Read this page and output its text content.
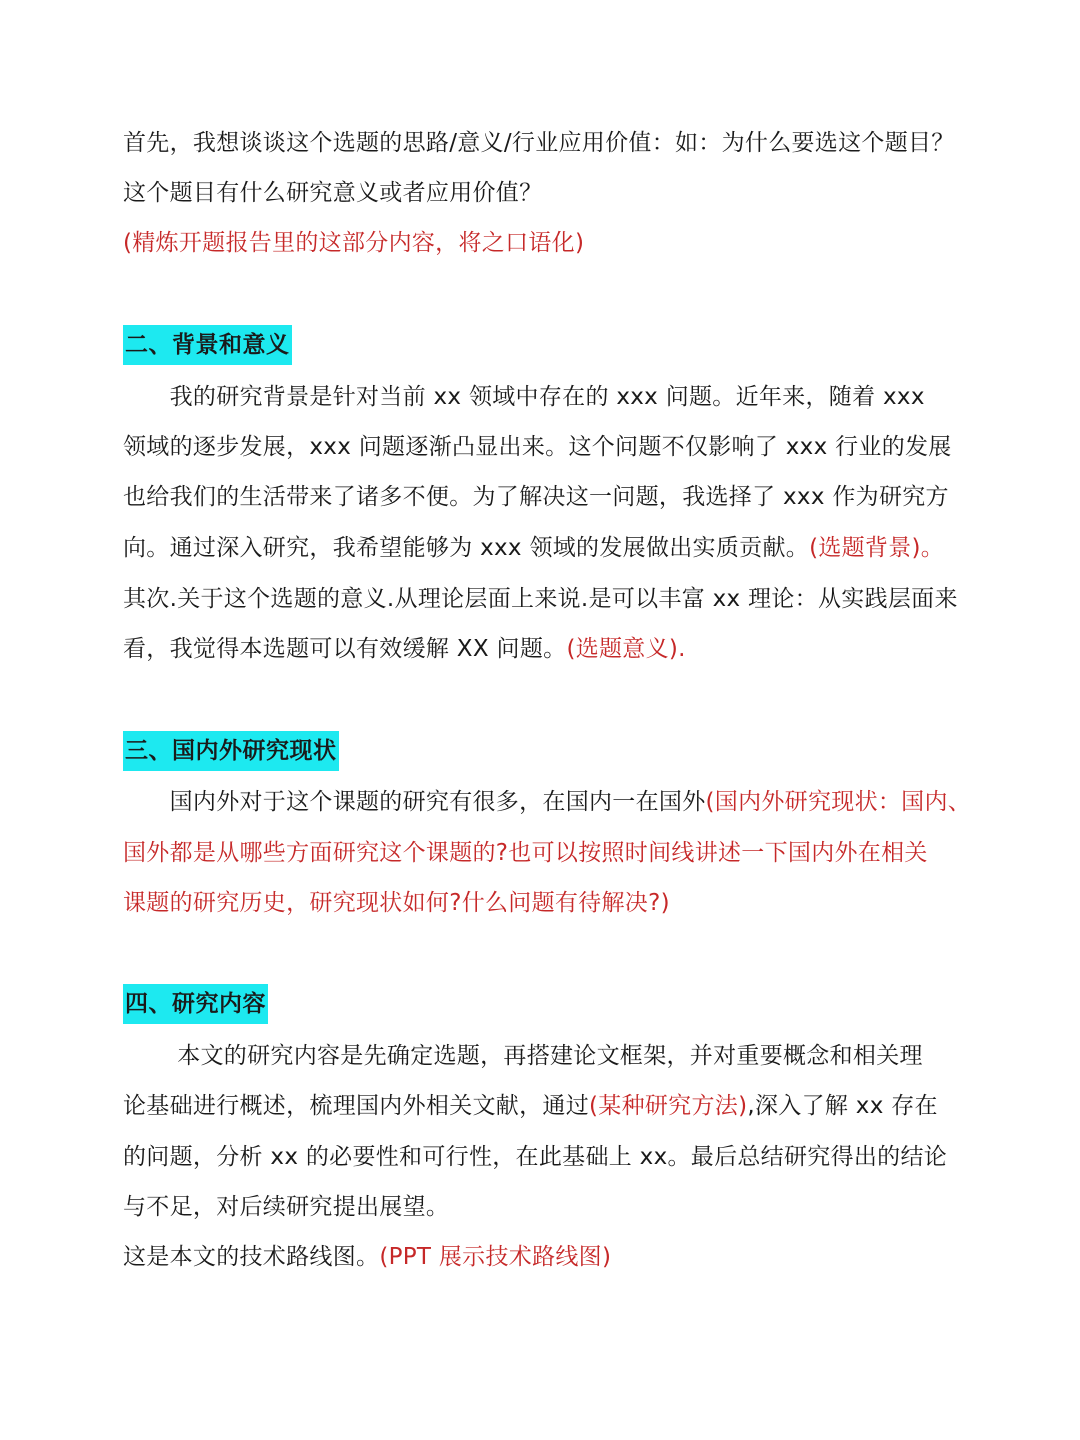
首先，我想谈谈这个选题的思路/意义/行业应用价值：如：为什么要选这个题目？
这个题目有什么研究意义或者应用价值？
(精炼开题报告里的这部分内容，将之口语化)
二、背景和意义
　　我的研究背景是针对当前 xx 领域中存在的 xxx 问题。近年来，随着 xxx
领域的逐步发展，xxx 问题逐渐凸显出来。这个问题不仅影响了 xxx 行业的发展
也给我们的生活带来了诸多不便。为了解决这一问题，我选择了 xxx 作为研究方
向。通过深入研究，我希望能够为 xxx 领域的发展做出实质贡献。(选题背景)。
其次.关于这个选题的意义.从理论层面上来说.是可以丰富 xx 理论：从实践层面来
看，我觉得本选题可以有效缓解 XX 问题。(选题意义).
三、国内外研究现状
　　国内外对于这个课题的研究有很多，在国内一在国外(国内外研究现状：国内、
国外都是从哪些方面研究这个课题的?也可以按照时间线讲述一下国内外在相关
课题的研究历史，研究现状如何?什么问题有待解决?)
四、研究内容
　　 本文的研究内容是先确定选题，再搭建论文框架，并对重要概念和相关理
论基础进行概述，梳理国内外相关文献，通过(某种研究方法),深入了解 xx 存在
的问题，分析 xx 的必要性和可行性，在此基础上 xx。最后总结研究得出的结论
与不足，对后续研究提出展望。
这是本文的技术路线图。(PPT 展示技术路线图)
